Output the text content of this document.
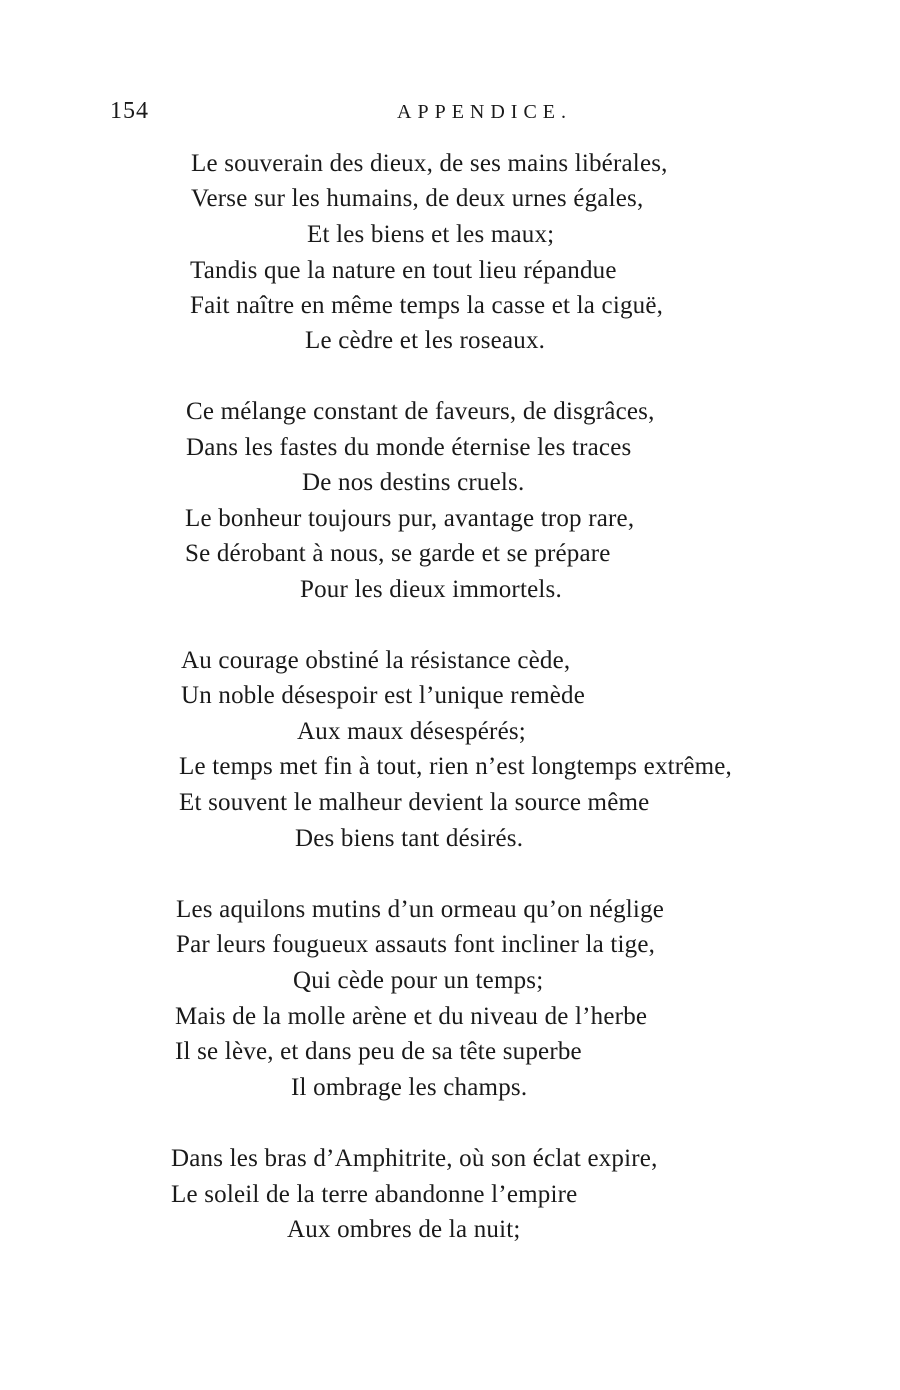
154	APPENDICE.
Le souverain des dieux, de ses mains libérales,
Verse sur les humains, de deux urnes égales,
Et les biens et les maux;
Tandis que la nature en tout lieu répandue
Fait naître en même temps la casse et la ciguë,
Le cèdre et les roseaux.
Ce mélange constant de faveurs, de disgrâces,
Dans les fastes du monde éternise les traces
De nos destins cruels.
Le bonheur toujours pur, avantage trop rare,
Se dérobant à nous, se garde et se prépare
Pour les dieux immortels.
Au courage obstiné la résistance cède,
Un noble désespoir est l’unique remède
Aux maux désespérés;
Le temps met fin à tout, rien n’est longtemps extrême,
Et souvent le malheur devient la source même
Des biens tant désirés.
Les aquilons mutins d’un ormeau qu’on néglige
Par leurs fougueux assauts font incliner la tige,
Qui cède pour un temps;
Mais de la molle arène et du niveau de l’herbe
Il se lève, et dans peu de sa tête superbe
Il ombrage les champs.
Dans les bras d’Amphitrite, où son éclat expire,
Le soleil de la terre abandonne l’empire
Aux ombres de la nuit;
